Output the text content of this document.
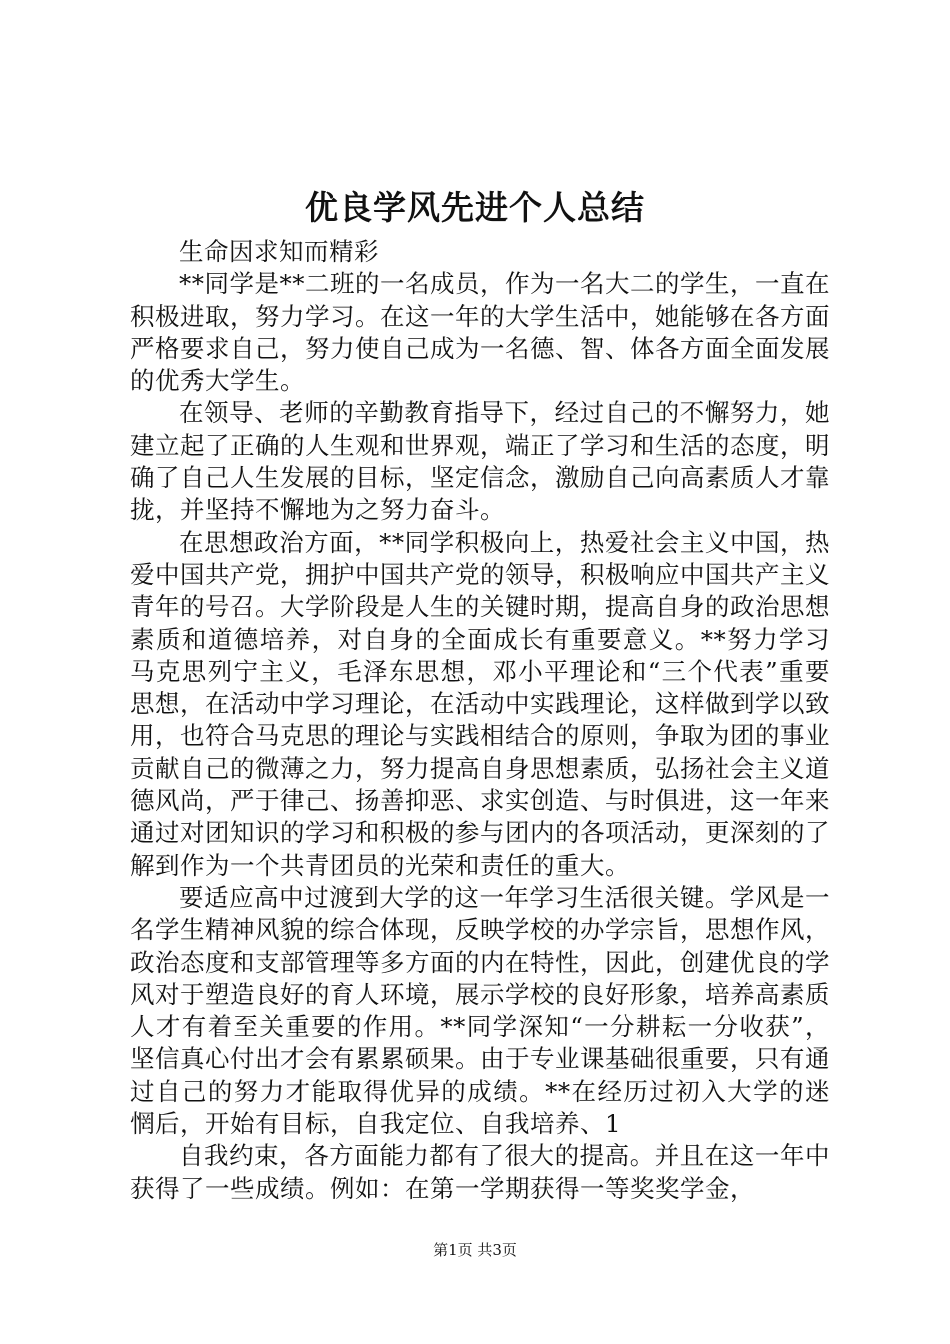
优良学风先进个人总结

生命因求知而精彩

**同学是**二班的一名成员，作为一名大二的学生，一直在积极进取，努力学习。在这一年的大学生活中，她能够在各方面严格要求自己，努力使自己成为一名德、智、体各方面全面发展的优秀大学生。

在领导、老师的辛勤教育指导下，经过自己的不懈努力，她建立起了正确的人生观和世界观，端正了学习和生活的态度，明确了自己人生发展的目标，坚定信念，激励自己向高素质人才靠拢，并坚持不懈地为之努力奋斗。

在思想政治方面，**同学积极向上，热爱社会主义中国，热爱中国共产党，拥护中国共产党的领导，积极响应中国共产主义青年的号召。大学阶段是人生的关键时期，提高自身的政治思想素质和道德培养，对自身的全面成长有重要意义。**努力学习马克思列宁主义，毛泽东思想，邓小平理论和“三个代表”重要思想，在活动中学习理论，在活动中实践理论，这样做到学以致用，也符合马克思的理论与实践相结合的原则，争取为团的事业贡献自己的微薄之力，努力提高自身思想素质，弘扬社会主义道德风尚，严于律己、扬善抑恶、求实创造、与时俱进，这一年来通过对团知识的学习和积极的参与团内的各项活动，更深刻的了解到作为一个共青团员的光荣和责任的重大。

要适应高中过渡到大学的这一年学习生活很关键。学风是一名学生精神风貌的综合体现，反映学校的办学宗旨，思想作风，政治态度和支部管理等多方面的内在特性，因此，创建优良的学风对于塑造良好的育人环境，展示学校的良好形象，培养高素质人才有着至关重要的作用。**同学深知“一分耕耘一分收获”，坚信真心付出才会有累累硕果。由于专业课基础很重要，只有通过自己的努力才能取得优异的成绩。**在经历过初入大学的迷惘后，开始有目标，自我定位、自我培养、1

自我约束，各方面能力都有了很大的提高。并且在这一年中获得了一些成绩。例如：在第一学期获得一等奖奖学金，

第1页 共3页
